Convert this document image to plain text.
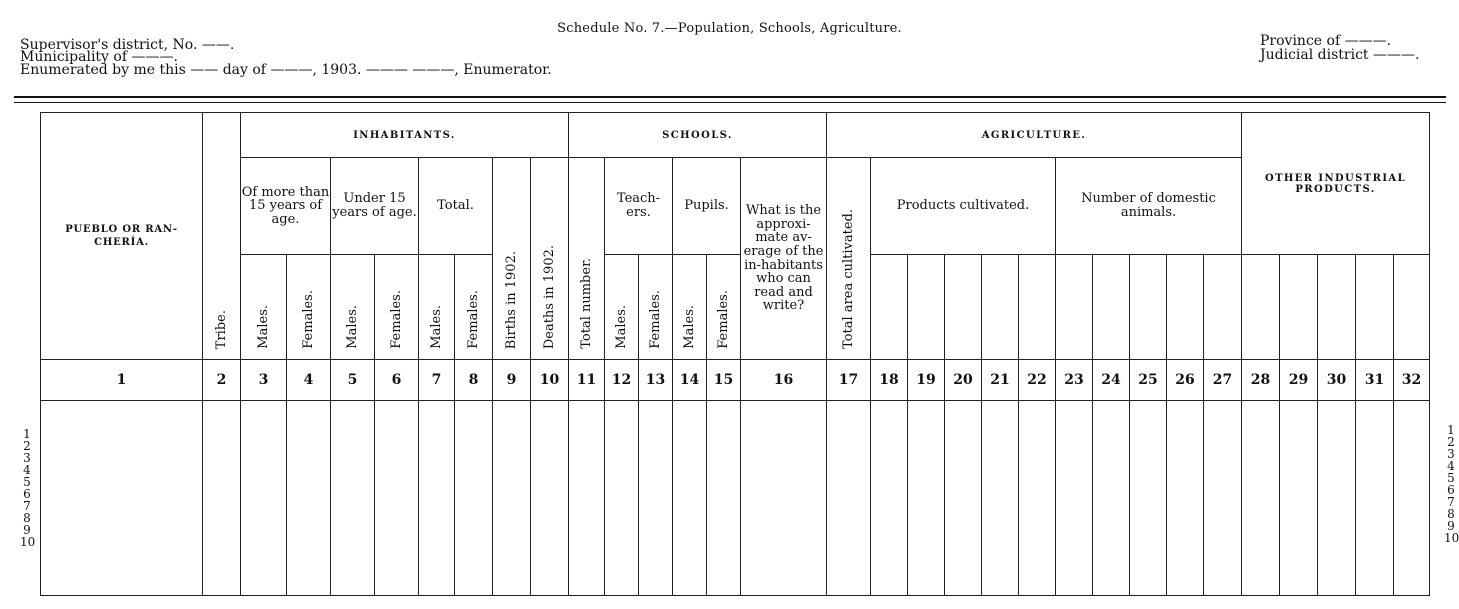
Schedule No. 7.—Population, Schools, Agriculture.
Supervisor's district, No. ——.
Municipality of ———.
Enumerated by me this —— day of ———, 1903. ——— ———, Enumerator.
Province of ———.
Judicial district ———.
PUEBLO OR RAN-CHERÍA.	Tribe.	INHABITANTS.								SCHOOLS.						AGRICULTURE.											OTHER INDUSTRIAL PRODUCTS.				
		Of more than 15 years of age.		Under 15 years of age.		Total.		Births in 1902.	Deaths in 1902.	Total number.	Teach-ers.		Pupils.		What is the approxi-mate av-erage of the in-habitants who can read and write?	Total area cultivated.	Products cultivated.					Number of domestic animals.									
		Males.	Females.	Males.	Females.	Males.	Females.				Males.	Females.	Males.	Females.																	
1	2	3	4	5	6	7	8	9	10	11	12	13	14	15	16	17	18	19	20	21	22	23	24	25	26	27	28	29	30	31	32

1
2
3
4
5
6
7
8
9
10
1
2
3
4
5
6
7
8
9
10
